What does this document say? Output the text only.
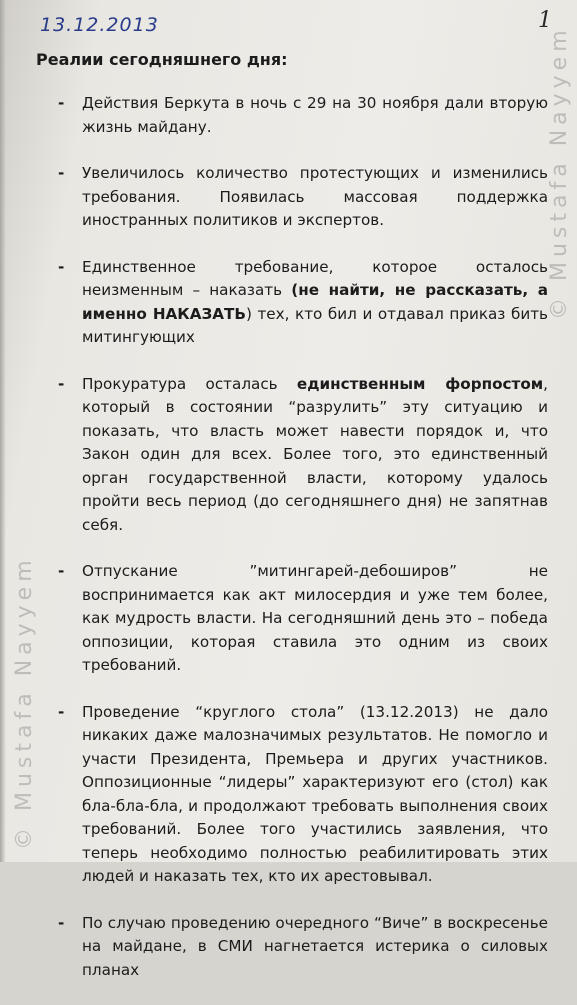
13.12.2013	1
Реалии сегодняшнего дня:
- Действия Беркута в ночь с 29 на 30 ноября дали вторую жизнь майдану.
- Увеличилось количество протестующих и изменились требования. Появилась массовая поддержка иностранных политиков и экспертов.
- Единственное требование, которое осталось неизменным – наказать (не найти, не рассказать, а именно НАКАЗАТЬ) тех, кто бил и отдавал приказ бить митингующих
- Прокуратура осталась единственным форпостом, который в состоянии “разрулить” эту ситуацию и показать, что власть может навести порядок и, что Закон один для всех. Более того, это единственный орган государственной власти, которому удалось пройти весь период (до сегодняшнего дня) не запятнав себя.
- Отпускание ”митингарей-дебоширов” не воспринимается как акт милосердия и уже тем более, как мудрость власти. На сегодняшний день это – победа оппозиции, которая ставила это одним из своих требований.
- Проведение “круглого стола” (13.12.2013) не дало никаких даже малозначимых результатов. Не помогло и участи Президента, Премьера и других участников. Оппозиционные “лидеры” характеризуют его (стол) как бла-бла-бла, и продолжают требовать выполнения своих требований. Более того участились заявления, что теперь необходимо полностью реабилитировать этих людей и наказать тех, кто их арестовывал.
- По случаю проведению очередного “Виче” в воскресенье на майдане, в СМИ нагнетается истерика о силовых планах
© Mustafa Nayyem
© Mustafa Nayyem
